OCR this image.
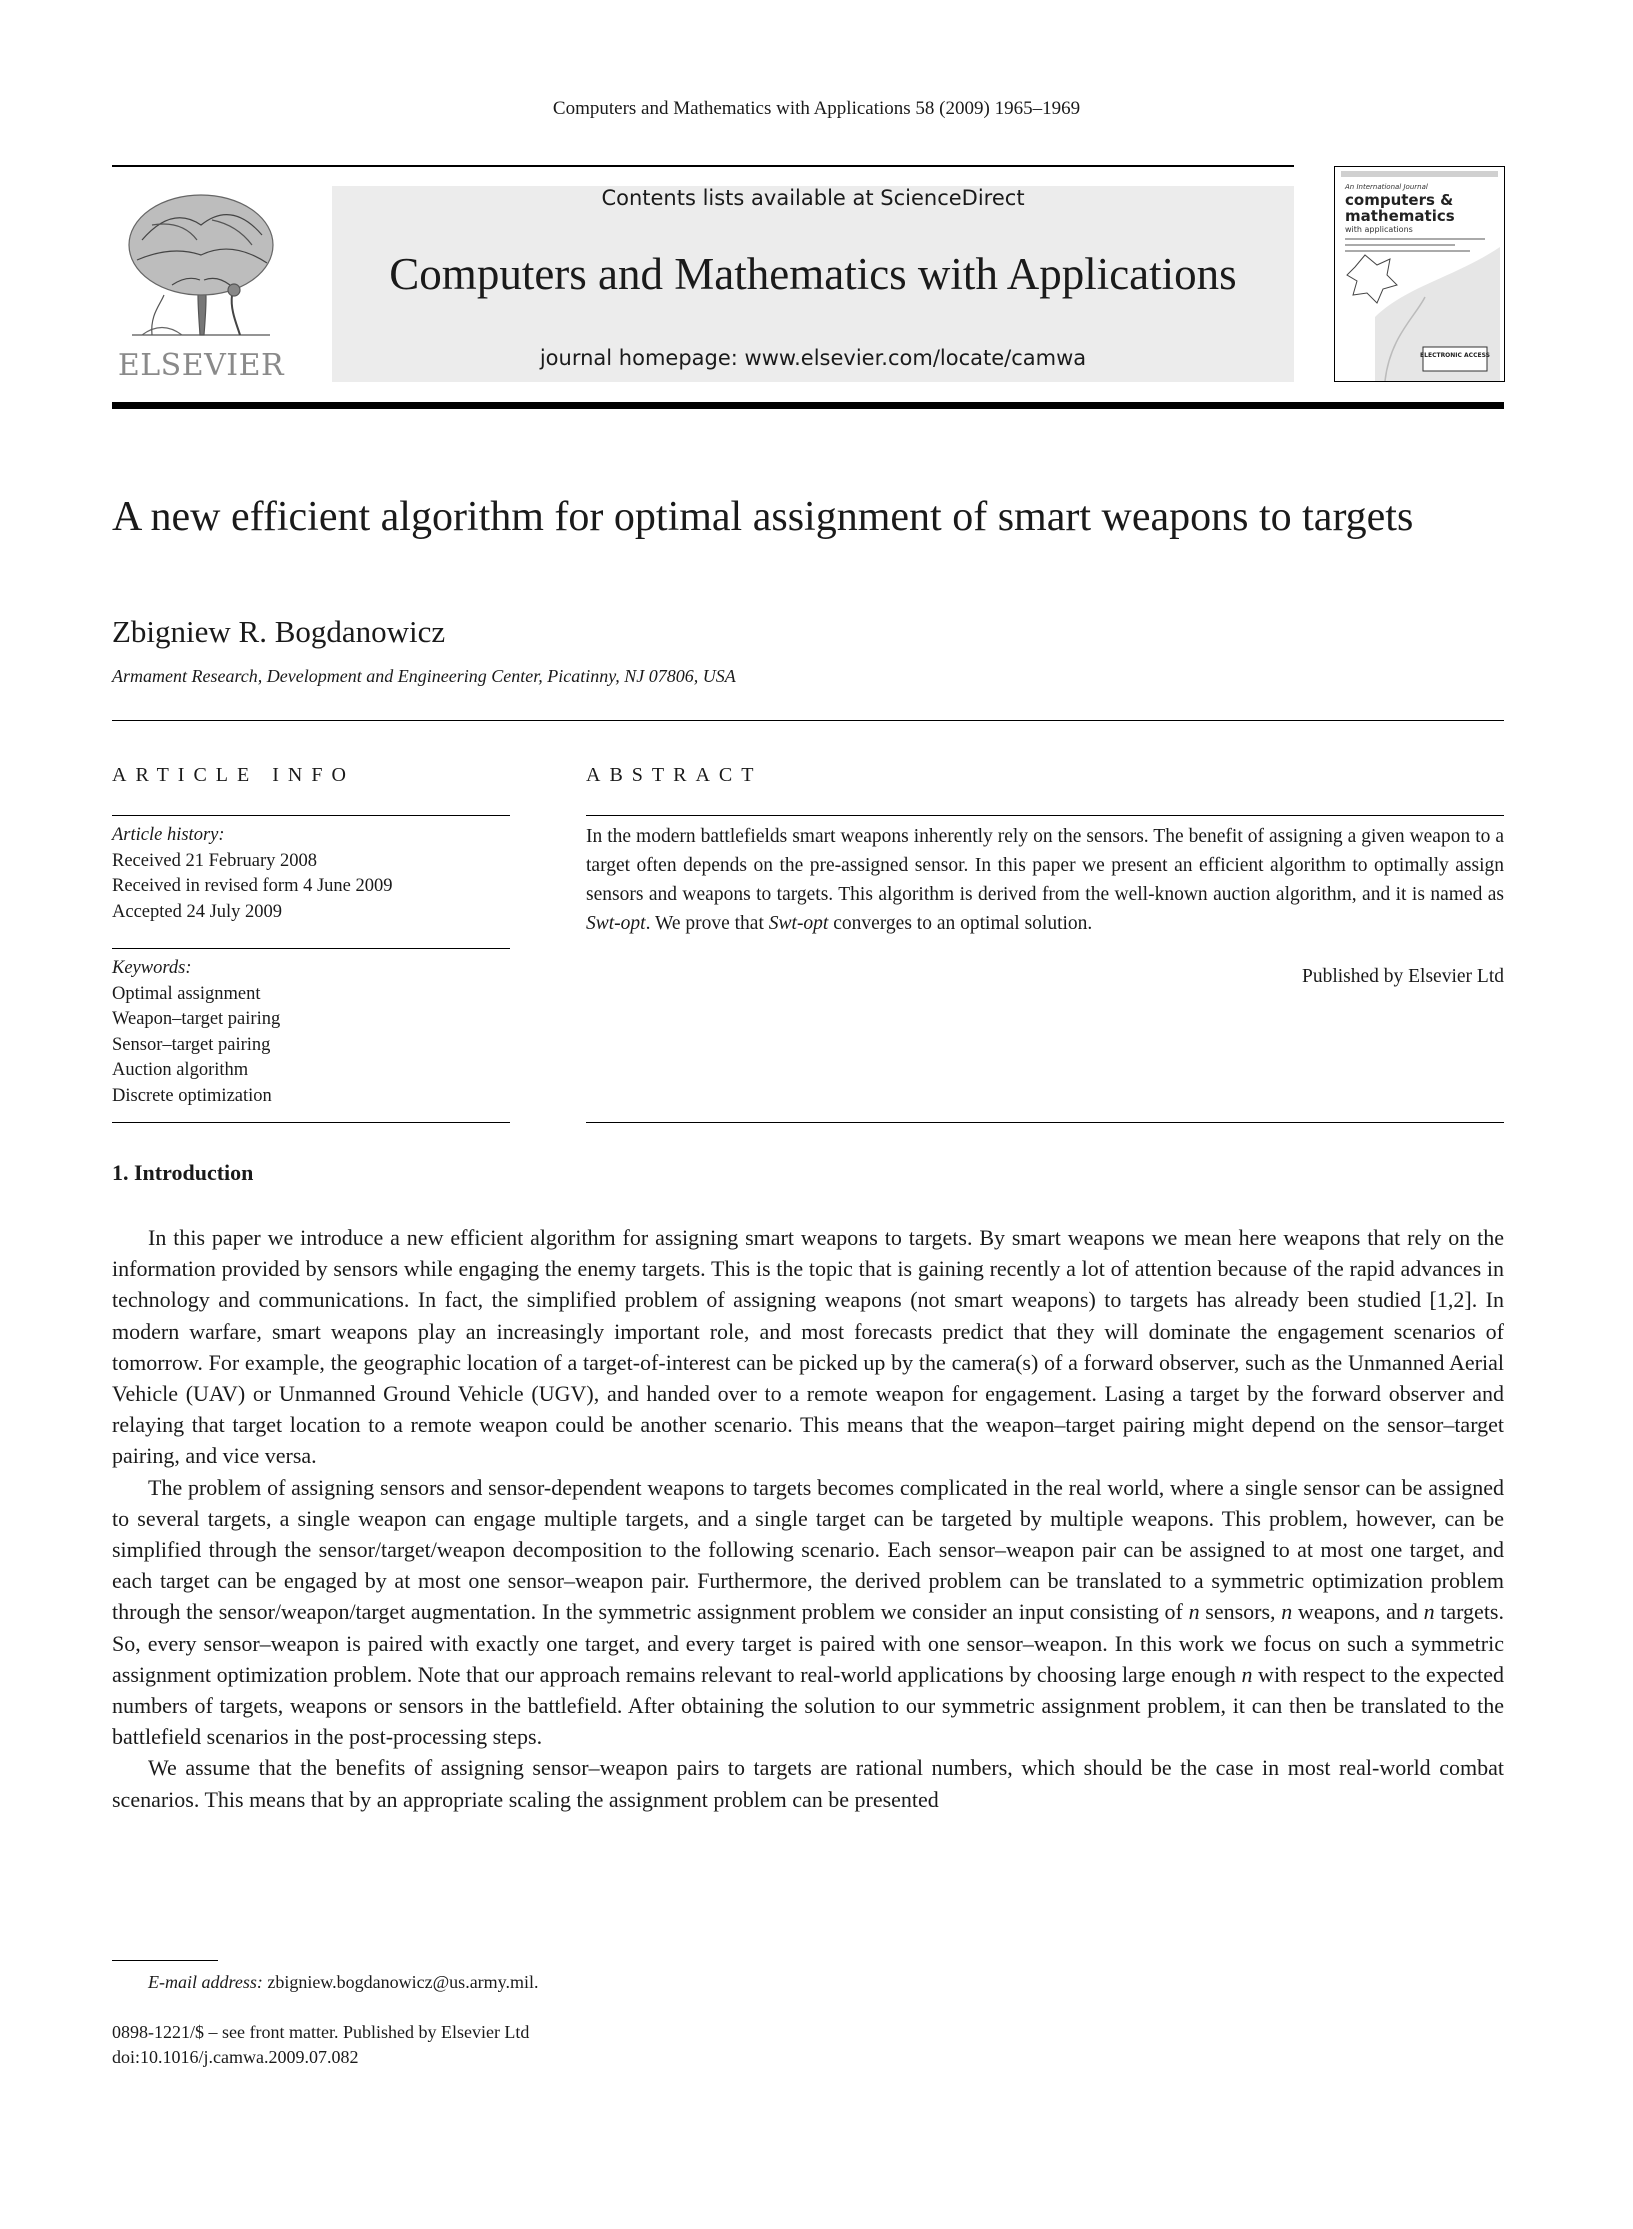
Computers and Mathematics with Applications 58 (2009) 1965–1969
ELSEVIER
Contents lists available at ScienceDirect
Computers and Mathematics with Applications
journal homepage: www.elsevier.com/locate/camwa
An International Journal
computers &
mathematics
with applications
ELECTRONIC ACCESS
A new efficient algorithm for optimal assignment of smart weapons to targets
Zbigniew R. Bogdanowicz
Armament Research, Development and Engineering Center, Picatinny, NJ 07806, USA
ARTICLE INFO	ABSTRACT
Article history:
Received 21 February 2008
Received in revised form 4 June 2009
Accepted 24 July 2009
Keywords:
Optimal assignment
Weapon–target pairing
Sensor–target pairing
Auction algorithm
Discrete optimization
In the modern battlefields smart weapons inherently rely on the sensors. The benefit of assigning a given weapon to a target often depends on the pre-assigned sensor. In this paper we present an efficient algorithm to optimally assign sensors and weapons to targets. This algorithm is derived from the well-known auction algorithm, and it is named as Swt-opt. We prove that Swt-opt converges to an optimal solution.
Published by Elsevier Ltd
1. Introduction

In this paper we introduce a new efficient algorithm for assigning smart weapons to targets. By smart weapons we mean here weapons that rely on the information provided by sensors while engaging the enemy targets. This is the topic that is gaining recently a lot of attention because of the rapid advances in technology and communications. In fact, the simplified problem of assigning weapons (not smart weapons) to targets has already been studied [1,2]. In modern warfare, smart weapons play an increasingly important role, and most forecasts predict that they will dominate the engagement scenarios of tomorrow. For example, the geographic location of a target-of-interest can be picked up by the camera(s) of a forward observer, such as the Unmanned Aerial Vehicle (UAV) or Unmanned Ground Vehicle (UGV), and handed over to a remote weapon for engagement. Lasing a target by the forward observer and relaying that target location to a remote weapon could be another scenario. This means that the weapon–target pairing might depend on the sensor–target pairing, and vice versa.

The problem of assigning sensors and sensor-dependent weapons to targets becomes complicated in the real world, where a single sensor can be assigned to several targets, a single weapon can engage multiple targets, and a single target can be targeted by multiple weapons. This problem, however, can be simplified through the sensor/target/weapon decomposition to the following scenario. Each sensor–weapon pair can be assigned to at most one target, and each target can be engaged by at most one sensor–weapon pair. Furthermore, the derived problem can be translated to a symmetric optimization problem through the sensor/weapon/target augmentation. In the symmetric assignment problem we consider an input consisting of n sensors, n weapons, and n targets. So, every sensor–weapon is paired with exactly one target, and every target is paired with one sensor–weapon. In this work we focus on such a symmetric assignment optimization problem. Note that our approach remains relevant to real-world applications by choosing large enough n with respect to the expected numbers of targets, weapons or sensors in the battlefield. After obtaining the solution to our symmetric assignment problem, it can then be translated to the battlefield scenarios in the post-processing steps.

We assume that the benefits of assigning sensor–weapon pairs to targets are rational numbers, which should be the case in most real-world combat scenarios. This means that by an appropriate scaling the assignment problem can be presented

E-mail address: zbigniew.bogdanowicz@us.army.mil.
0898-1221/$ – see front matter. Published by Elsevier Ltd
doi:10.1016/j.camwa.2009.07.082
